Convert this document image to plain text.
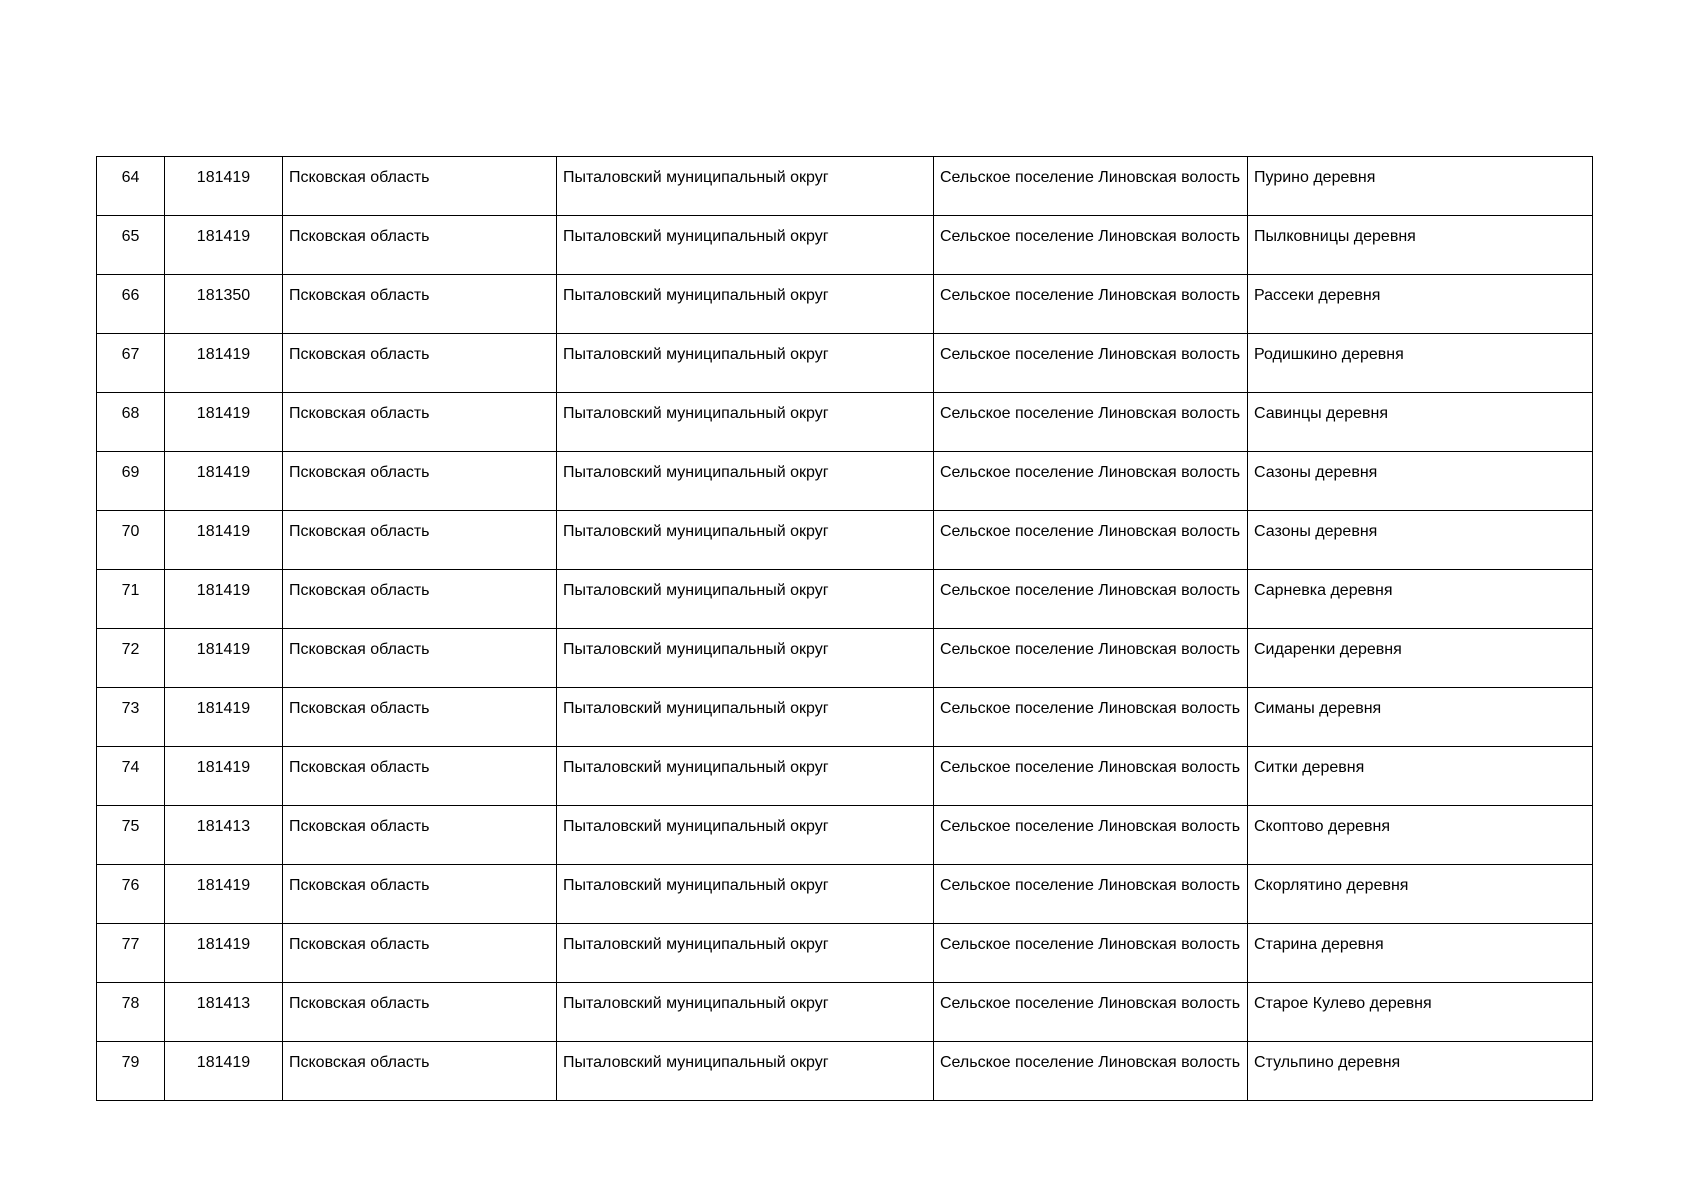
64	181419	Псковская область	Пыталовский муниципальный округ	Сельское поселение Линовская волость	Пурино деревня
65	181419	Псковская область	Пыталовский муниципальный округ	Сельское поселение Линовская волость	Пылковницы деревня
66	181350	Псковская область	Пыталовский муниципальный округ	Сельское поселение Линовская волость	Рассеки деревня
67	181419	Псковская область	Пыталовский муниципальный округ	Сельское поселение Линовская волость	Родишкино деревня
68	181419	Псковская область	Пыталовский муниципальный округ	Сельское поселение Линовская волость	Савинцы деревня
69	181419	Псковская область	Пыталовский муниципальный округ	Сельское поселение Линовская волость	Сазоны деревня
70	181419	Псковская область	Пыталовский муниципальный округ	Сельское поселение Линовская волость	Сазоны деревня
71	181419	Псковская область	Пыталовский муниципальный округ	Сельское поселение Линовская волость	Сарневка деревня
72	181419	Псковская область	Пыталовский муниципальный округ	Сельское поселение Линовская волость	Сидаренки деревня
73	181419	Псковская область	Пыталовский муниципальный округ	Сельское поселение Линовская волость	Симаны деревня
74	181419	Псковская область	Пыталовский муниципальный округ	Сельское поселение Линовская волость	Ситки деревня
75	181413	Псковская область	Пыталовский муниципальный округ	Сельское поселение Линовская волость	Скоптово деревня
76	181419	Псковская область	Пыталовский муниципальный округ	Сельское поселение Линовская волость	Скорлятино деревня
77	181419	Псковская область	Пыталовский муниципальный округ	Сельское поселение Линовская волость	Старина деревня
78	181413	Псковская область	Пыталовский муниципальный округ	Сельское поселение Линовская волость	Старое Кулево деревня
79	181419	Псковская область	Пыталовский муниципальный округ	Сельское поселение Линовская волость	Стульпино деревня
